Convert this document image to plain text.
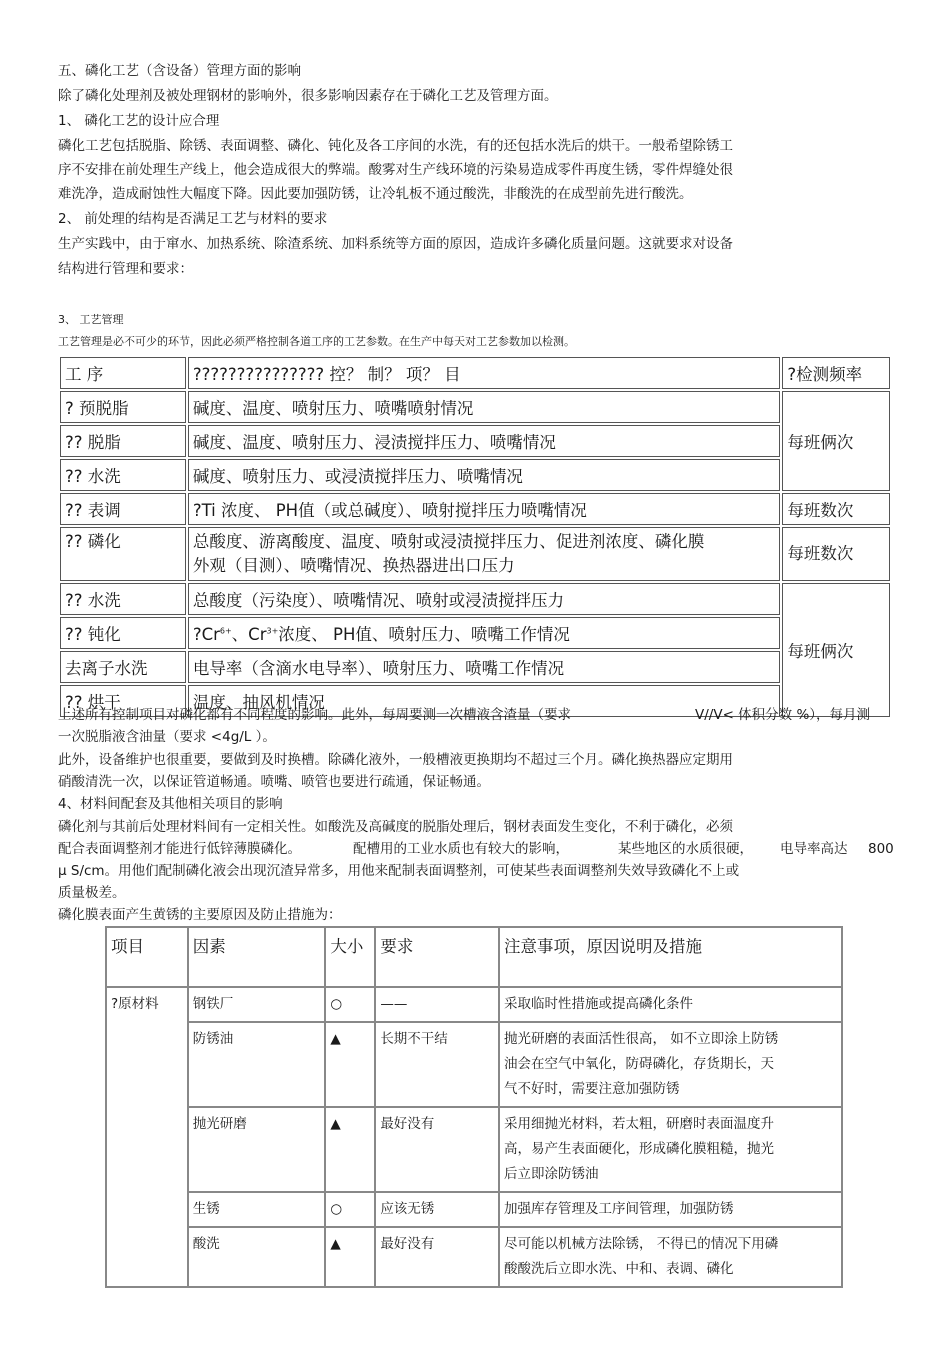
五、磷化工艺（含设备）管理方面的影响
除了磷化处理剂及被处理钢材的影响外，很多影响因素存在于磷化工艺及管理方面。
1、 磷化工艺的设计应合理
磷化工艺包括脱脂、除锈、表面调整、磷化、钝化及各工序间的水洗，有的还包括水洗后的烘干。一般希望除锈工
序不安排在前处理生产线上，他会造成很大的弊端。酸雾对生产线环境的污染易造成零件再度生锈，零件焊缝处很
难洗净，造成耐蚀性大幅度下降。因此要加强防锈，让冷轧板不通过酸洗，非酸洗的在成型前先进行酸洗。
2、 前处理的结构是否满足工艺与材料的要求
生产实践中，由于窜水、加热系统、除渣系统、加料系统等方面的原因，造成许多磷化质量问题。这就要求对设备
结构进行管理和要求：
3、 工艺管理
工艺管理是必不可少的环节，因此必须严格控制各道工序的工艺参数。在生产中每天对工艺参数加以检测。
工 序	??????????????? 控？ 制？ 项？ 目	?检测频率
? 预脱脂	碱度、温度、喷射压力、喷嘴喷射情况	每班俩次
?? 脱脂	碱度、温度、喷射压力、浸渍搅拌压力、喷嘴情况	
?? 水洗	碱度、喷射压力、或浸渍搅拌压力、喷嘴情况	
?? 表调	?Ti 浓度、 PH值（或总碱度）、喷射搅拌压力喷嘴情况	每班数次
?? 磷化	总酸度、游离酸度、温度、喷射或浸渍搅拌压力、促进剂浓度、磷化膜
外观（目测）、喷嘴情况、换热器进出口压力	每班数次
?? 水洗	总酸度（污染度）、喷嘴情况、喷射或浸渍搅拌压力	每班俩次
?? 钝化	$?Cr^{6+}$、$Cr^{3+}$浓度、 PH值、喷射压力、喷嘴工作情况	
去离子水洗	电导率（含滴水电导率）、喷射压力、喷嘴工作情况	
?? 烘干	温度、抽风机情况	
上述所有控制项目对磷化都有不同程度的影响。此外，每周要测一次槽液含渣量（要求	V//V< 体积分数 %），每月测
一次脱脂液含油量（要求 <4g/L ）。
此外，设备维护也很重要，要做到及时换槽。除磷化液外，一般槽液更换期均不超过三个月。磷化换热器应定期用
硝酸清洗一次，以保证管道畅通。喷嘴、喷管也要进行疏通，保证畅通。
4、材料间配套及其他相关项目的影响
磷化剂与其前后处理材料间有一定相关性。如酸洗及高碱度的脱脂处理后，钢材表面发生变化，不利于磷化，必须
配合表面调整剂才能进行低锌薄膜磷化。	配槽用的工业水质也有较大的影响，	某些地区的水质很硬， 电导率高达 800
μ S/cm。用他们配制磷化液会出现沉渣异常多，用他来配制表面调整剂，可使某些表面调整剂失效导致磷化不上或
质量极差。
磷化膜表面产生黄锈的主要原因及防止措施为：
项目	因素	大小	要求	注意事项，原因说明及措施
?原材料	钢铁厂	○	——	采取临时性措施或提高磷化条件

	防锈油	▲	长期不干结	抛光研磨的表面活性很高， 如不立即涂上防锈
油会在空气中氧化，防碍磷化，存货期长，天
气不好时，需要注意加强防锈

	抛光研磨	▲	最好没有	采用细抛光材料，若太粗，研磨时表面温度升
高，易产生表面硬化，形成磷化膜粗糙，抛光
后立即涂防锈油

	生锈	○	应该无锈	加强库存管理及工序间管理，加强防锈

	酸洗	▲	最好没有	尽可能以机械方法除锈， 不得已的情况下用磷
酸酸洗后立即水洗、中和、表调、磷化
